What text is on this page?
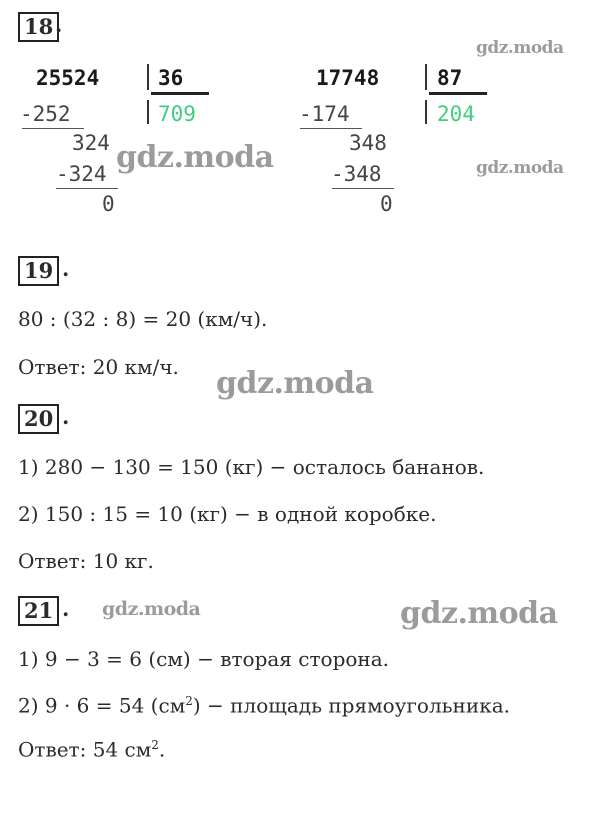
18 .
25524	36
709
-252
324
-324
0
17748	87
204
-174
348
-348
0
19 .
80 : (32 : 8) = 20 (км/ч).
Ответ: 20 км/ч.
20 .
1) 280 − 130 = 150 (кг) − осталось бананов.
2) 150 : 15 = 10 (кг) − в одной коробке.
Ответ: 10 кг.
21 .
1) 9 − 3 = 6 (см) − вторая сторона.
2) 9 · 6 = 54 $(см^2)$ − площадь прямоугольника.
Ответ: 54 $см^2$.
gdz.moda
gdz.moda	gdz.moda
gdz.moda
gdz.moda	gdz.moda
